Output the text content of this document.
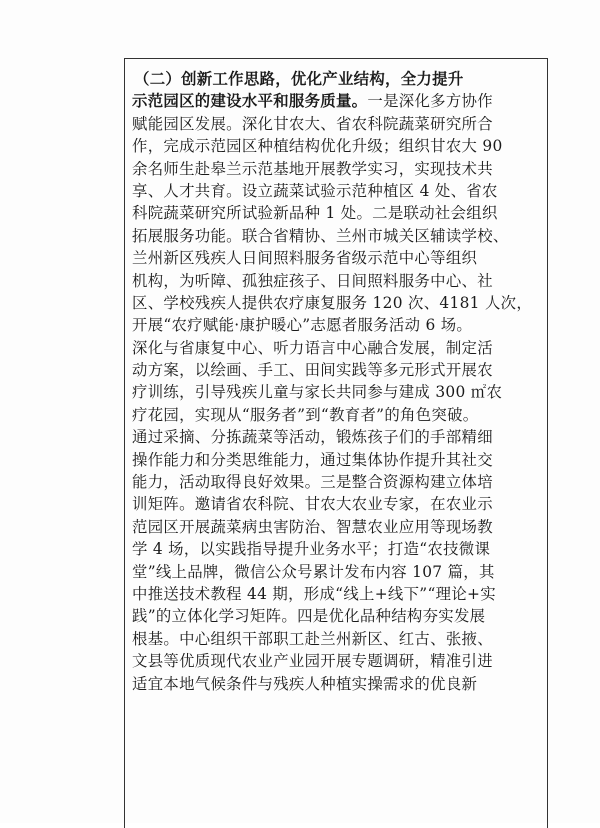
（二）创新工作思路，优化产业结构，全力提升
示范园区的建设水平和服务质量。一是深化多方协作
赋能园区发展。深化甘农大、省农科院蔬菜研究所合
作，完成示范园区种植结构优化升级；组织甘农大 90
余名师生赴皋兰示范基地开展教学实习，实现技术共
享、人才共育。设立蔬菜试验示范种植区 4 处、省农
科院蔬菜研究所试验新品种 1 处。二是联动社会组织
拓展服务功能。联合省精协、兰州市城关区辅读学校、
兰州新区残疾人日间照料服务省级示范中心等组织
机构，为听障、孤独症孩子、日间照料服务中心、社
区、学校残疾人提供农疗康复服务 120 次、4181 人次，
开展“农疗赋能·康护暖心”志愿者服务活动 6 场。
深化与省康复中心、听力语言中心融合发展，制定活
动方案，以绘画、手工、田间实践等多元形式开展农
疗训练，引导残疾儿童与家长共同参与建成 300 ㎡农
疗花园，实现从“服务者”到“教育者”的角色突破。
通过采摘、分拣蔬菜等活动，锻炼孩子们的手部精细
操作能力和分类思维能力，通过集体协作提升其社交
能力，活动取得良好效果。三是整合资源构建立体培
训矩阵。邀请省农科院、甘农大农业专家，在农业示
范园区开展蔬菜病虫害防治、智慧农业应用等现场教
学 4 场，以实践指导提升业务水平；打造“农技微课
堂”线上品牌，微信公众号累计发布内容 107 篇，其
中推送技术教程 44 期，形成“线上+线下”“理论+实
践”的立体化学习矩阵。四是优化品种结构夯实发展
根基。中心组织干部职工赴兰州新区、红古、张掖、
文县等优质现代农业产业园开展专题调研，精准引进
适宜本地气候条件与残疾人种植实操需求的优良新
